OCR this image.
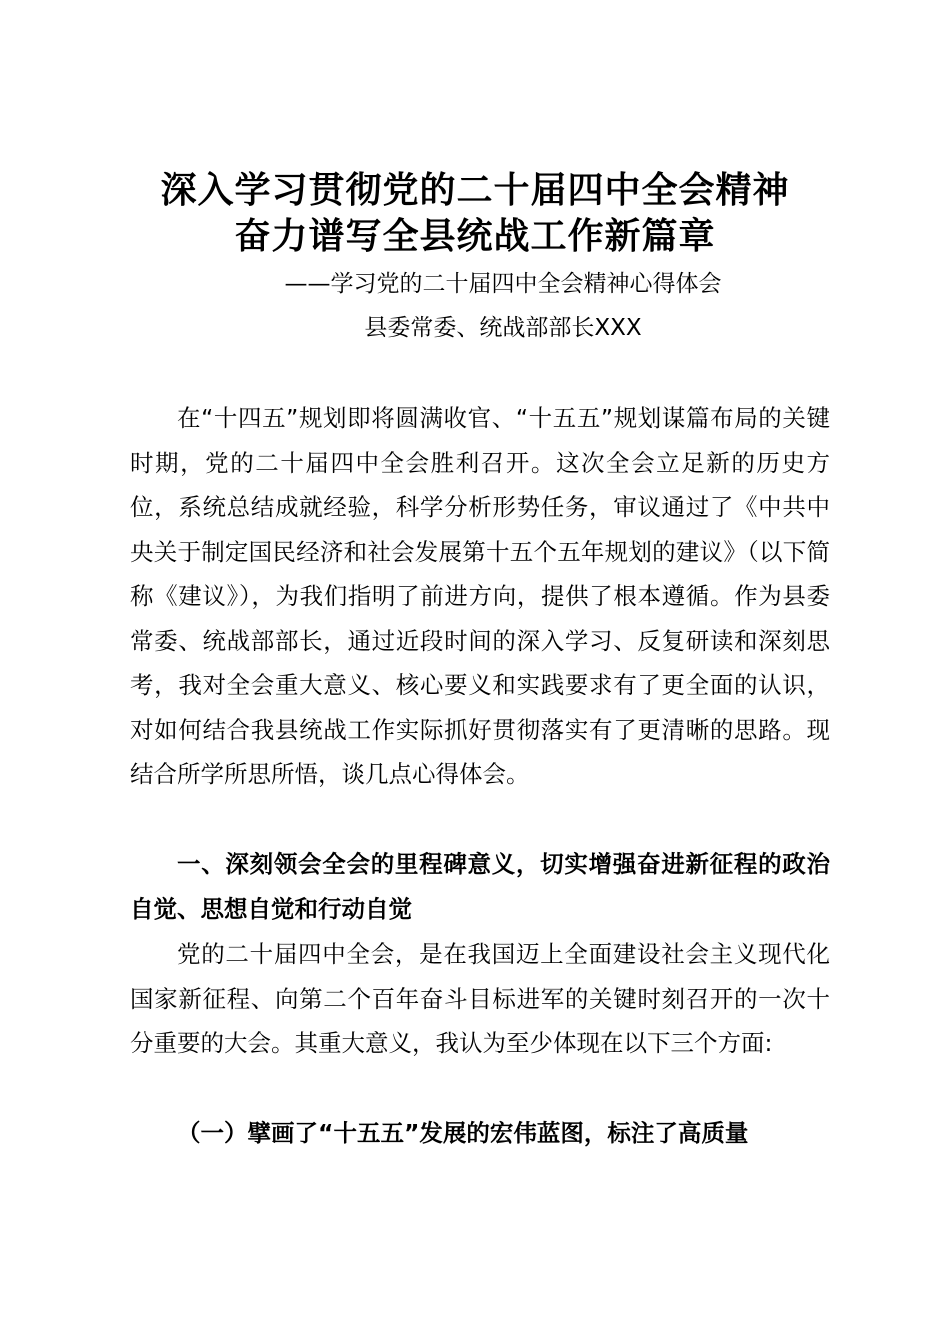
深入学习贯彻党的二十届四中全会精神
奋力谱写全县统战工作新篇章
——学习党的二十届四中全会精神心得体会
县委常委、统战部部长XXX

在“十四五”规划即将圆满收官、“十五五”规划谋篇布局的关键时期，党的二十届四中全会胜利召开。这次全会立足新的历史方位，系统总结成就经验，科学分析形势任务，审议通过了《中共中央关于制定国民经济和社会发展第十五个五年规划的建议》（以下简称《建议》），为我们指明了前进方向，提供了根本遵循。作为县委常委、统战部部长，通过近段时间的深入学习、反复研读和深刻思考，我对全会重大意义、核心要义和实践要求有了更全面的认识，对如何结合我县统战工作实际抓好贯彻落实有了更清晰的思路。现结合所学所思所悟，谈几点心得体会。

一、深刻领会全会的里程碑意义，切实增强奋进新征程的政治自觉、思想自觉和行动自觉

党的二十届四中全会，是在我国迈上全面建设社会主义现代化国家新征程、向第二个百年奋斗目标进军的关键时刻召开的一次十分重要的大会。其重大意义，我认为至少体现在以下三个方面:

（一）擘画了“十五五”发展的宏伟蓝图，标注了高质量
